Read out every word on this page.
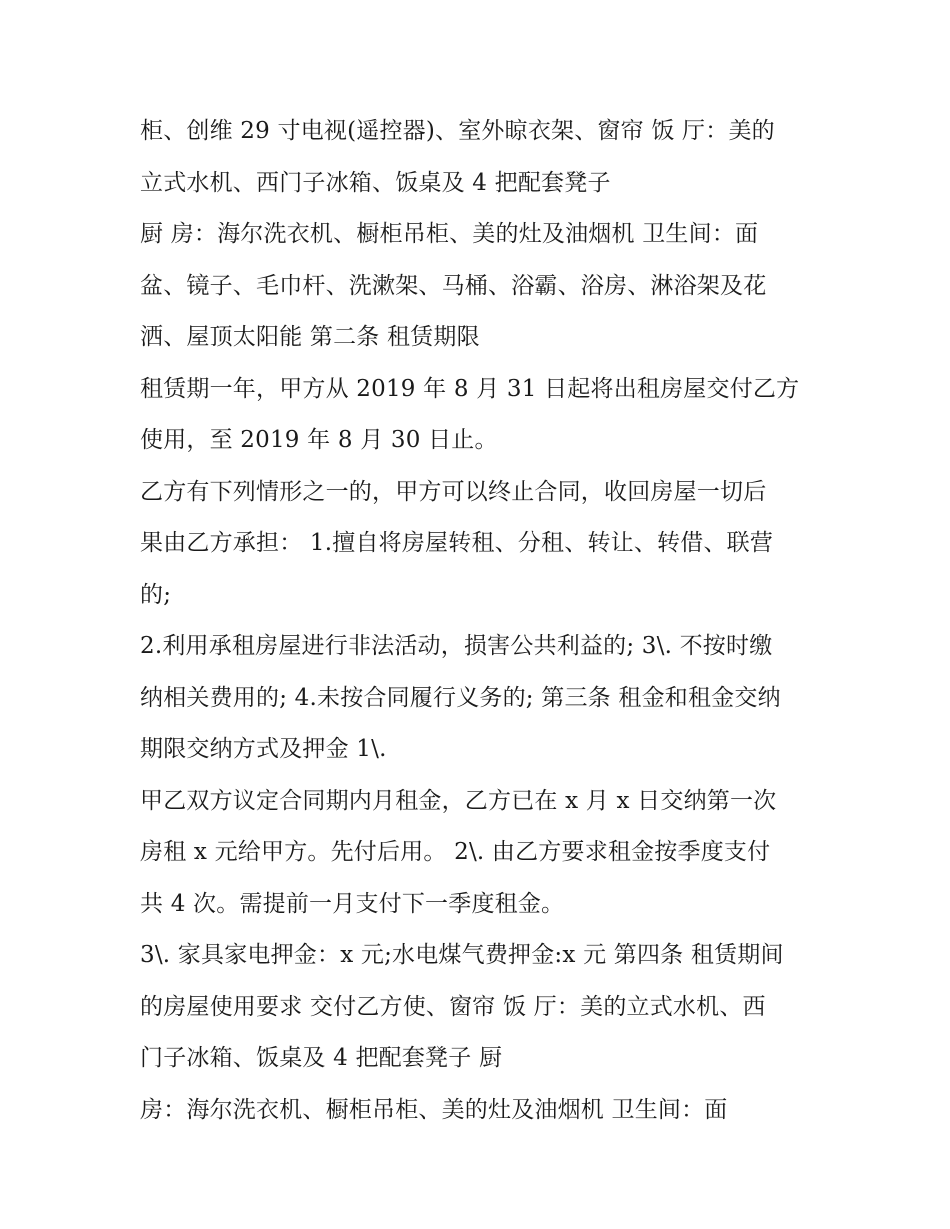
柜、创维 29 寸电视(遥控器)、室外晾衣架、窗帘 饭 厅：美的
立式水机、西门子冰箱、饭桌及 4 把配套凳子
厨 房：海尔洗衣机、橱柜吊柜、美的灶及油烟机 卫生间：面
盆、镜子、毛巾杆、洗漱架、马桶、浴霸、浴房、淋浴架及花
洒、屋顶太阳能 第二条 租赁期限
租赁期一年，甲方从 2019 年 8 月 31 日起将出租房屋交付乙方
使用，至 2019 年 8 月 30 日止。
乙方有下列情形之一的，甲方可以终止合同，收回房屋一切后
果由乙方承担： 1.擅自将房屋转租、分租、转让、转借、联营
的;
2.利用承租房屋进行非法活动，损害公共利益的; 3\. 不按时缴
纳相关费用的; 4.未按合同履行义务的; 第三条 租金和租金交纳
期限交纳方式及押金 1\.
甲乙双方议定合同期内月租金，乙方已在 x 月 x 日交纳第一次
房租 x 元给甲方。先付后用。 2\. 由乙方要求租金按季度支付
共 4 次。需提前一月支付下一季度租金。
3\. 家具家电押金：x 元;水电煤气费押金:x 元 第四条 租赁期间
的房屋使用要求 交付乙方使、窗帘 饭 厅：美的立式水机、西
门子冰箱、饭桌及 4 把配套凳子 厨
房：海尔洗衣机、橱柜吊柜、美的灶及油烟机 卫生间：面
